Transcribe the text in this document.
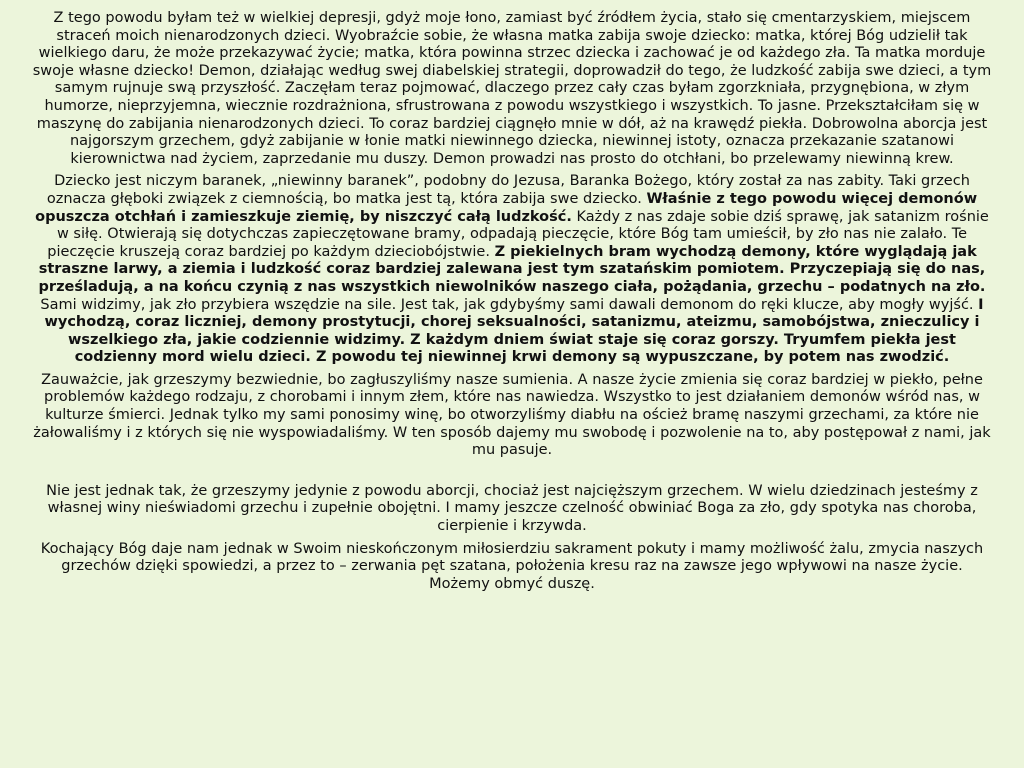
Z tego powodu byłam też w wielkiej depresji, gdyż moje łono, zamiast być źródłem życia, stało się cmentarzyskiem, miejscem straceń moich nienarodzonych dzieci. Wyobraźcie sobie, że własna matka zabija swoje dziecko: matka, której Bóg udzielił tak wielkiego daru, że może przekazywać życie; matka, która powinna strzec dziecka i zachować je od każdego zła. Ta matka morduje swoje własne dziecko! Demon, działając według swej diabelskiej strategii, doprowadził do tego, że ludzkość zabija swe dzieci, a tym samym rujnuje swą przyszłość. Zaczęłam teraz pojmować, dlaczego przez cały czas byłam zgorzkniała, przygnębiona, w złym humorze, nieprzyjemna, wiecznie rozdrażniona, sfrustrowana z powodu wszystkiego i wszystkich. To jasne. Przekształciłam się w maszynę do zabijania nienarodzonych dzieci. To coraz bardziej ciągnęło mnie w dół, aż na krawędź piekła. Dobrowolna aborcja jest najgorszym grzechem, gdyż zabijanie w łonie matki niewinnego dziecka, niewinnej istoty, oznacza przekazanie szatanowi kierownictwa nad życiem, zaprzedanie mu duszy. Demon prowadzi nas prosto do otchłani, bo przelewamy niewinną krew.

Dziecko jest niczym baranek, „niewinny baranek”, podobny do Jezusa, Baranka Bożego, który został za nas zabity. Taki grzech oznacza głęboki związek z ciemnością, bo matka jest tą, która zabija swe dziecko. Właśnie z tego powodu więcej demonów opuszcza otchłań i zamieszkuje ziemię, by niszczyć całą ludzkość. Każdy z nas zdaje sobie dziś sprawę, jak satanizm rośnie w siłę. Otwierają się dotychczas zapieczętowane bramy, odpadają pieczęcie, które Bóg tam umieścił, by zło nas nie zalało. Te pieczęcie kruszeją coraz bardziej po każdym dzieciobójstwie. Z piekielnych bram wychodzą demony, które wyglądają jak straszne larwy, a ziemia i ludzkość coraz bardziej zalewana jest tym szatańskim pomiotem. Przyczepiają się do nas, prześladują, a na końcu czynią z nas wszystkich niewolników naszego ciała, pożądania, grzechu – podatnych na zło. Sami widzimy, jak zło przybiera wszędzie na sile. Jest tak, jak gdybyśmy sami dawali demonom do ręki klucze, aby mogły wyjść. I wychodzą, coraz liczniej, demony prostytucji, chorej seksualności, satanizmu, ateizmu, samobójstwa, znieczulicy i wszelkiego zła, jakie codziennie widzimy. Z każdym dniem świat staje się coraz gorszy. Tryumfem piekła jest codzienny mord wielu dzieci. Z powodu tej niewinnej krwi demony są wypuszczane, by potem nas zwodzić.

Zauważcie, jak grzeszymy bezwiednie, bo zagłuszyliśmy nasze sumienia. A nasze życie zmienia się coraz bardziej w piekło, pełne problemów każdego rodzaju, z chorobami i innym złem, które nas nawiedza. Wszystko to jest działaniem demonów wśród nas, w kulturze śmierci. Jednak tylko my sami ponosimy winę, bo otworzyliśmy diabłu na oścież bramę naszymi grzechami, za które nie żałowaliśmy i z których się nie wyspowiadaliśmy. W ten sposób dajemy mu swobodę i pozwolenie na to, aby postępował z nami, jak mu pasuje.

Nie jest jednak tak, że grzeszymy jedynie z powodu aborcji, chociaż jest najcięższym grzechem. W wielu dziedzinach jesteśmy z własnej winy nieświadomi grzechu i zupełnie obojętni. I mamy jeszcze czelność obwiniać Boga za zło, gdy spotyka nas choroba, cierpienie i krzywda.

Kochający Bóg daje nam jednak w Swoim nieskończonym miłosierdziu sakrament pokuty i mamy możliwość żalu, zmycia naszych grzechów dzięki spowiedzi, a przez to – zerwania pęt szatana, położenia kresu raz na zawsze jego wpływowi na nasze życie. Możemy obmyć duszę.
